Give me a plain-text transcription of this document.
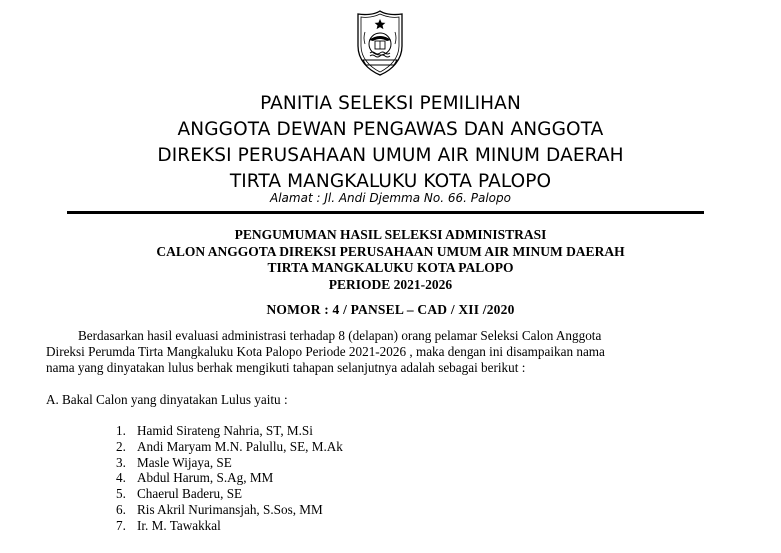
PANITIA SELEKSI PEMILIHAN
ANGGOTA DEWAN PENGAWAS DAN ANGGOTA
DIREKSI PERUSAHAAN UMUM AIR MINUM DAERAH
TIRTA MANGKALUKU KOTA PALOPO
Alamat : Jl. Andi Djemma No. 66. Palopo
PENGUMUMAN HASIL SELEKSI ADMINISTRASI
CALON ANGGOTA DIREKSI PERUSAHAAN UMUM AIR MINUM DAERAH
TIRTA MANGKALUKU KOTA PALOPO
PERIODE 2021-2026
NOMOR : 4 / PANSEL – CAD / XII /2020
Berdasarkan hasil evaluasi administrasi terhadap 8 (delapan) orang pelamar Seleksi Calon Anggota
Direksi Perumda Tirta Mangkaluku Kota Palopo Periode 2021-2026 , maka dengan ini disampaikan nama
nama yang dinyatakan lulus berhak mengikuti tahapan selanjutnya adalah sebagai berikut :
A. Bakal Calon yang dinyatakan Lulus yaitu :
1. Hamid Sirateng Nahria, ST, M.Si
2. Andi Maryam M.N. Palullu, SE, M.Ak
3. Masle Wijaya, SE
4. Abdul Harum, S.Ag, MM
5. Chaerul Baderu, SE
6. Ris Akril Nurimansjah, S.Sos, MM
7. Ir. M. Tawakkal
